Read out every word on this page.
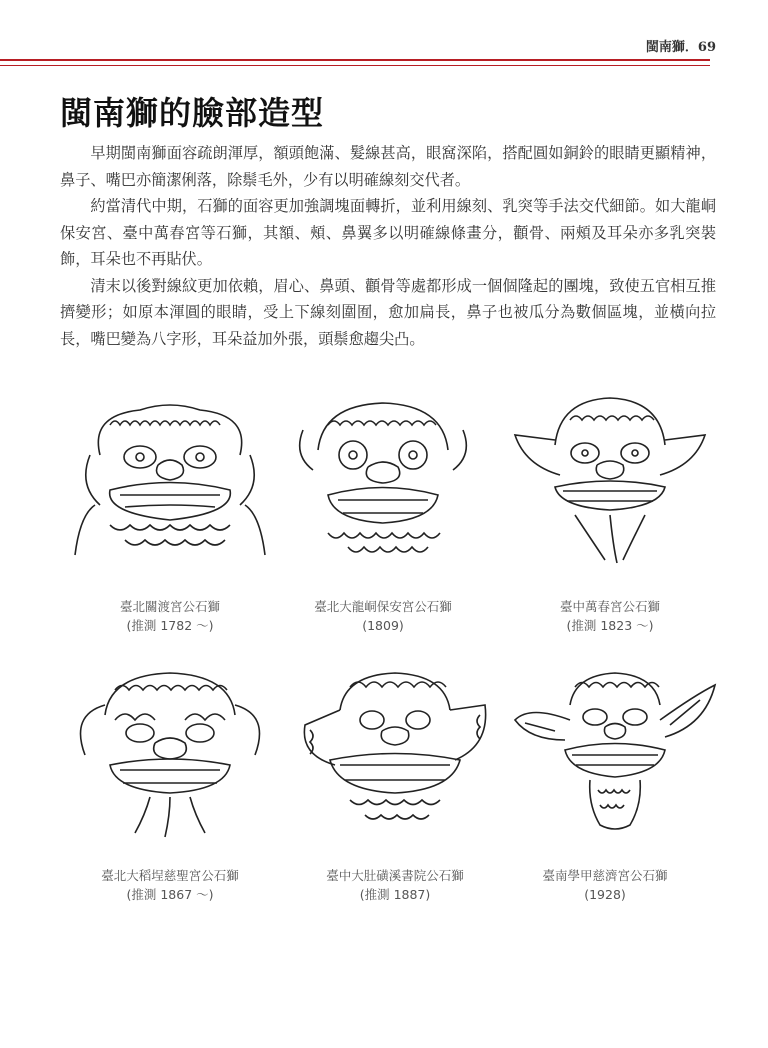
閩南獅．69
閩南獅的臉部造型

早期閩南獅面容疏朗渾厚，額頭飽滿、髮線甚高，眼窩深陷，搭配圓如銅鈴的眼睛更顯精神，鼻子、嘴巴亦簡潔俐落，除鬃毛外，少有以明確線刻交代者。

約當清代中期，石獅的面容更加強調塊面轉折，並利用線刻、乳突等手法交代細節。如大龍峒保安宮、臺中萬春宮等石獅，其額、頰、鼻翼多以明確線條畫分，顴骨、兩頰及耳朵亦多乳突裝飾，耳朵也不再貼伏。

清末以後對線紋更加依賴，眉心、鼻頭、顴骨等處都形成一個個隆起的團塊，致使五官相互推擠變形；如原本渾圓的眼睛，受上下線刻圍囿，愈加扁長，鼻子也被瓜分為數個區塊，並橫向拉長，嘴巴變為八字形，耳朵益加外張，頭鬃愈趨尖凸。

臺北關渡宮公石獅
(推測 1782 ～)
臺北大龍峒保安宮公石獅
(1809)
臺中萬春宮公石獅
(推測 1823 ～)
臺北大稻埕慈聖宮公石獅
(推測 1867 ～)
臺中大肚磺溪書院公石獅
(推測 1887)
臺南學甲慈濟宮公石獅
(1928)
